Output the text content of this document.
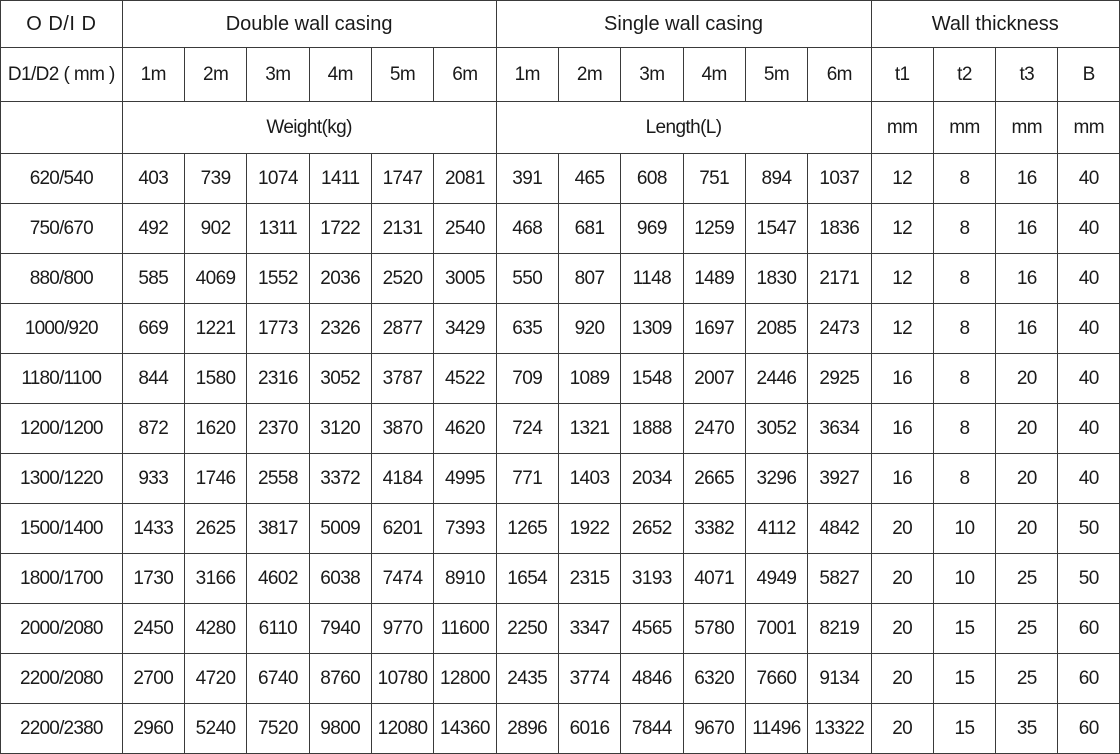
O D/I D	Double wall casing						Single wall casing						Wall thickness			
D1/D2 ( mm )	1m	2m	3m	4m	5m	6m	1m	2m	3m	4m	5m	6m	t1	t2	t3	B
	Weight(kg)						Length(L)						mm	mm	mm	mm
620/540	403	739	1074	1411	1747	2081	391	465	608	751	894	1037	12	8	16	40
750/670	492	902	1311	1722	2131	2540	468	681	969	1259	1547	1836	12	8	16	40
880/800	585	4069	1552	2036	2520	3005	550	807	1148	1489	1830	2171	12	8	16	40
1000/920	669	1221	1773	2326	2877	3429	635	920	1309	1697	2085	2473	12	8	16	40
1180/1100	844	1580	2316	3052	3787	4522	709	1089	1548	2007	2446	2925	16	8	20	40
1200/1200	872	1620	2370	3120	3870	4620	724	1321	1888	2470	3052	3634	16	8	20	40
1300/1220	933	1746	2558	3372	4184	4995	771	1403	2034	2665	3296	3927	16	8	20	40
1500/1400	1433	2625	3817	5009	6201	7393	1265	1922	2652	3382	4112	4842	20	10	20	50
1800/1700	1730	3166	4602	6038	7474	8910	1654	2315	3193	4071	4949	5827	20	10	25	50
2000/2080	2450	4280	6110	7940	9770	11600	2250	3347	4565	5780	7001	8219	20	15	25	60
2200/2080	2700	4720	6740	8760	10780	12800	2435	3774	4846	6320	7660	9134	20	15	25	60
2200/2380	2960	5240	7520	9800	12080	14360	2896	6016	7844	9670	11496	13322	20	15	35	60
